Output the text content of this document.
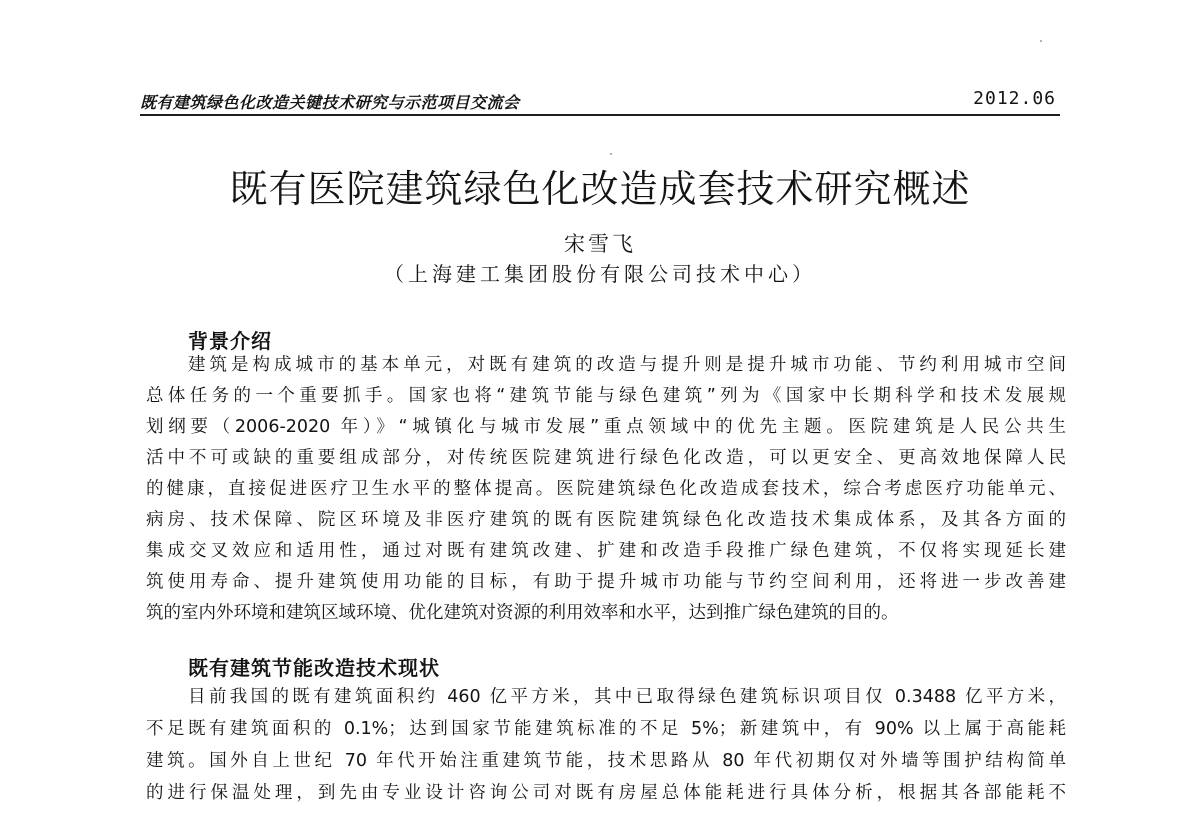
既有建筑绿色化改造关键技术研究与示范项目交流会	2012.06
既有医院建筑绿色化改造成套技术研究概述
宋雪飞
（上海建工集团股份有限公司技术中心）
背景介绍
建筑是构成城市的基本单元，对既有建筑的改造与提升则是提升城市功能、节约利用城市空间
总体任务的一个重要抓手。国家也将“建筑节能与绿色建筑”列为《国家中长期科学和技术发展规
划纲要（2006-2020 年）》“城镇化与城市发展”重点领域中的优先主题。医院建筑是人民公共生
活中不可或缺的重要组成部分，对传统医院建筑进行绿色化改造，可以更安全、更高效地保障人民
的健康，直接促进医疗卫生水平的整体提高。医院建筑绿色化改造成套技术，综合考虑医疗功能单元、
病房、技术保障、院区环境及非医疗建筑的既有医院建筑绿色化改造技术集成体系，及其各方面的
集成交叉效应和适用性，通过对既有建筑改建、扩建和改造手段推广绿色建筑，不仅将实现延长建
筑使用寿命、提升建筑使用功能的目标，有助于提升城市功能与节约空间利用，还将进一步改善建
筑的室内外环境和建筑区域环境、优化建筑对资源的利用效率和水平，达到推广绿色建筑的目的。
既有建筑节能改造技术现状
目前我国的既有建筑面积约 460 亿平方米，其中已取得绿色建筑标识项目仅 0.3488 亿平方米，
不足既有建筑面积的 0.1%；达到国家节能建筑标准的不足 5%；新建筑中，有 90% 以上属于高能耗
建筑。国外自上世纪 70 年代开始注重建筑节能，技术思路从 80 年代初期仅对外墙等围护结构简单
的进行保温处理，到先由专业设计咨询公司对既有房屋总体能耗进行具体分析，根据其各部能耗不
